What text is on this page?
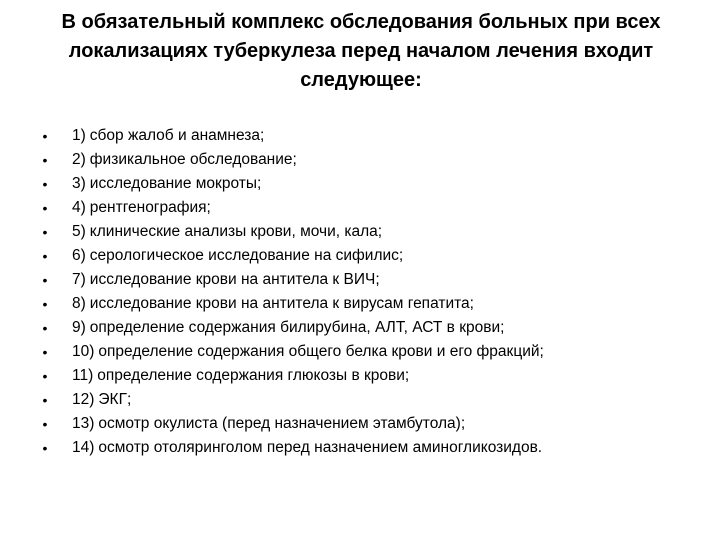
В обязательный комплекс обследования больных при всех
локализациях туберкулеза перед началом лечения входит
следующее:
• 1) сбор жалоб и анамнеза;
• 2) физикальное обследование;
• 3) исследование мокроты;
• 4) рентгенография;
• 5) клинические анализы крови, мочи, кала;
• 6) серологическое исследование на сифилис;
• 7) исследование крови на антитела к ВИЧ;
• 8) исследование крови на антитела к вирусам гепатита;
• 9) определение содержания билирубина, АЛТ, АСТ в крови;
• 10) определение содержания общего белка крови и его фракций;
• 11) определение содержания глюкозы в крови;
• 12) ЭКГ;
• 13) осмотр окулиста (перед назначением этамбутола);
• 14) осмотр отоляринголом перед назначением аминогликозидов.
